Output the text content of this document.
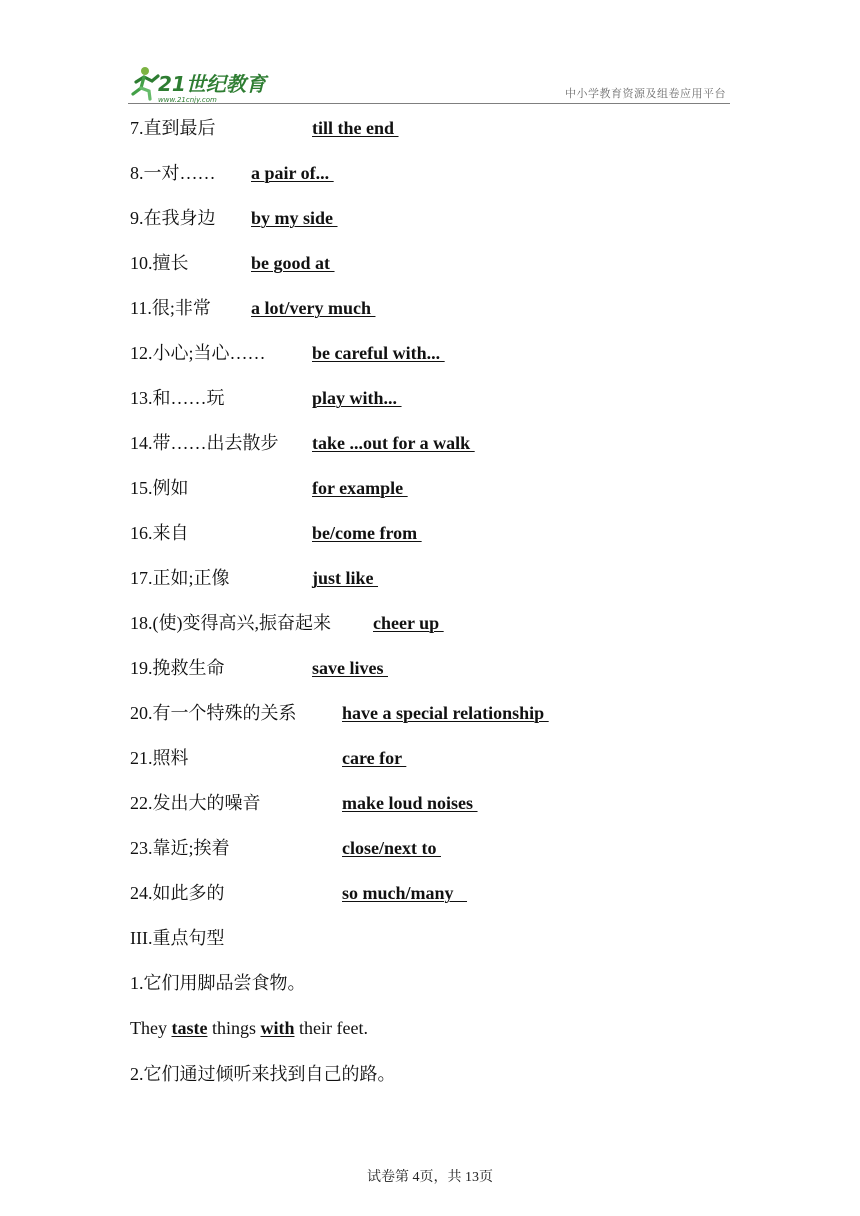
21世纪教育
www.21cnjy.com	中小学教育资源及组卷应用平台
7.直到最后	till the end
8.一对…… a pair of...
9.在我身边 by my side
10.擅长	be good at
11.很;非常 a lot/very much
12.小心;当心……	be careful with...
13.和……玩	play with...
14.带……出去散步 take ...out for a walk
15.例如	for example
16.来自	be/come from
17.正如;正像	just like
18.(使)变得高兴,振奋起来 cheer up
19.挽救生命	save lives
20.有一个特殊的关系	have a special relationship
21.照料	care for
22.发出大的噪音	make loud noises
23.靠近;挨着	close/next to
24.如此多的	so much/many
III.重点句型
1.它们用脚品尝食物。
They taste things with their feet.
2.它们通过倾听来找到自己的路。
试卷第 4页，共 13页
